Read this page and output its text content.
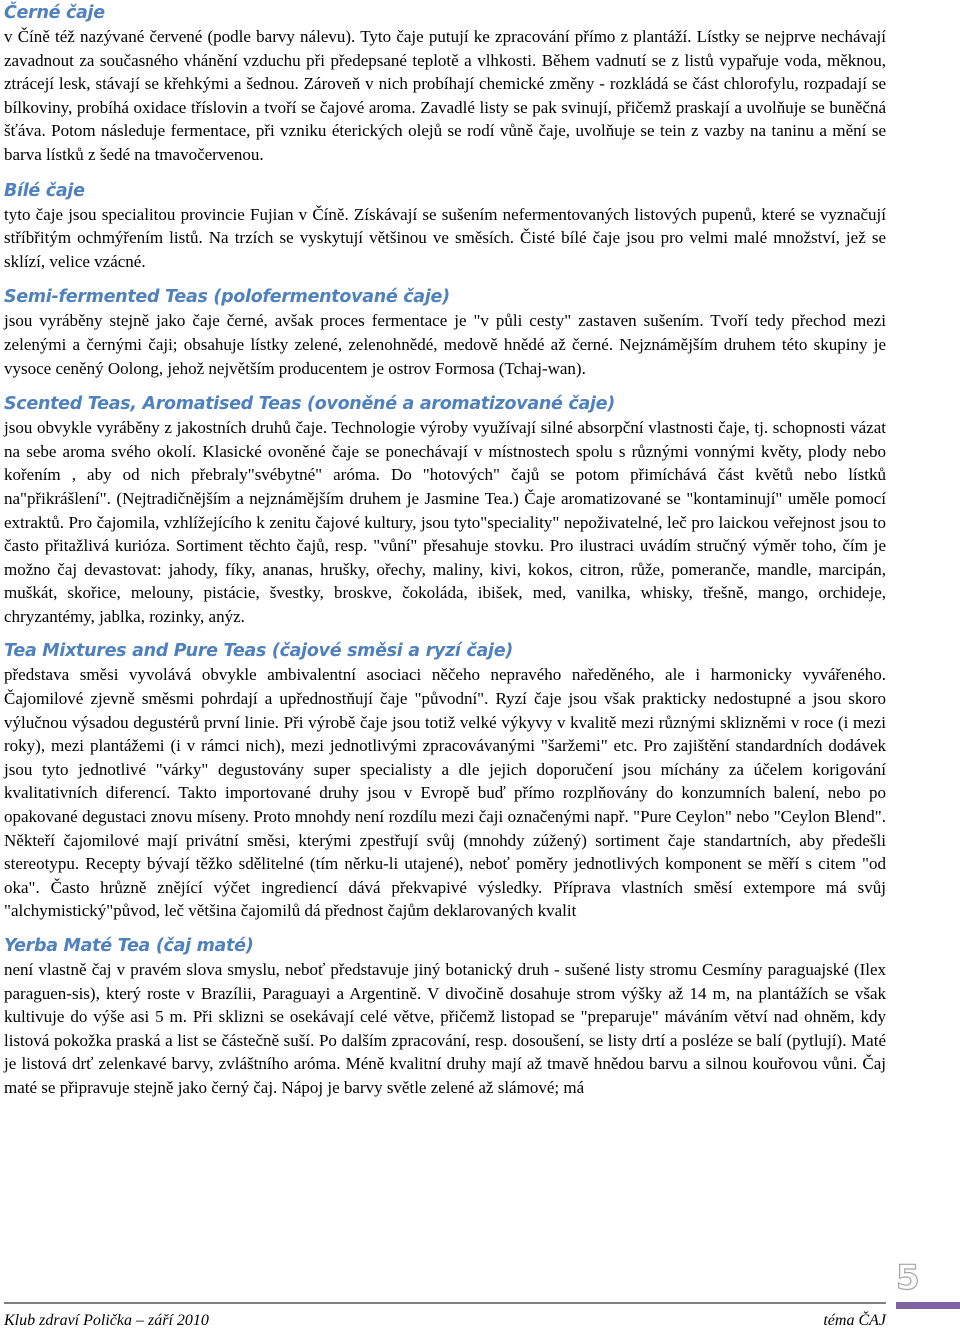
Černé čaje

v Číně též nazývané červené (podle barvy nálevu). Tyto čaje putují ke zpracování přímo z plantáží. Lístky se nejprve nechávají zavadnout za současného vhánění vzduchu při předepsané teplotě a vlhkosti. Během vadnutí se z listů vypařuje voda, měknou, ztrácejí lesk, stávají se křehkými a šednou. Zároveň v nich probíhají chemické změny - rozkládá se část chlorofylu, rozpadají se bílkoviny, probíhá oxidace tříslovin a tvoří se čajové aroma. Zavadlé listy se pak svinují, přičemž praskají a uvolňuje se buněčná šťáva. Potom následuje fermentace, při vzniku éterických olejů se rodí vůně čaje, uvolňuje se tein z vazby na taninu a mění se barva lístků z šedé na tmavočervenou.

Bílé čaje

tyto čaje jsou specialitou provincie Fujian v Číně. Získávají se sušením nefermentovaných listových pupenů, které se vyznačují stříbřitým ochmýřením listů. Na trzích se vyskytují většinou ve směsích. Čisté bílé čaje jsou pro velmi malé množství, jež se sklízí, velice vzácné.

Semi-fermented Teas (polofermentované čaje)

jsou vyráběny stejně jako čaje černé, avšak proces fermentace je "v půli cesty" zastaven sušením. Tvoří tedy přechod mezi zelenými a černými čaji; obsahuje lístky zelené, zelenohnědé, medově hnědé až černé. Nejznámějším druhem této skupiny je vysoce ceněný Oolong, jehož největším producentem je ostrov Formosa (Tchaj-wan).

Scented Teas, Aromatised Teas (ovoněné a aromatizované čaje)

jsou obvykle vyráběny z jakostních druhů čaje. Technologie výroby využívají silné absorpční vlastnosti čaje, tj. schopnosti vázat na sebe aroma svého okolí. Klasické ovoněné čaje se ponechávají v místnostech spolu s různými vonnými květy, plody nebo kořením , aby od nich přebraly"svébytné" aróma. Do "hotových" čajů se potom přimíchává část květů nebo lístků na"přikrášlení". (Nejtradičnějším a nejznámějším druhem je Jasmine Tea.) Čaje aromatizované se "kontaminují" uměle pomocí extraktů. Pro čajomila, vzhlížejícího k zenitu čajové kultury, jsou tyto"speciality" nepoživatelné, leč pro laickou veřejnost jsou to často přitažlivá kurióza. Sortiment těchto čajů, resp. "vůní" přesahuje stovku. Pro ilustraci uvádím stručný výměr toho, čím je možno čaj devastovat: jahody, fíky, ananas, hrušky, ořechy, maliny, kivi, kokos, citron, růže, pomeranče, mandle, marcipán, muškát, skořice, melouny, pistácie, švestky, broskve, čokoláda, ibišek, med, vanilka, whisky, třešně, mango, orchideje, chryzantémy, jablka, rozinky, anýz.

Tea Mixtures and Pure Teas (čajové směsi a ryzí čaje)

představa směsi vyvolává obvykle ambivalentní asociaci něčeho nepravého naředěného, ale i harmonicky vyvářeného. Čajomilové zjevně směsmi pohrdají a upřednostňují čaje "původní". Ryzí čaje jsou však prakticky nedostupné a jsou skoro výlučnou výsadou degustérů první linie. Při výrobě čaje jsou totiž velké výkyvy v kvalitě mezi různými sklizněmi v roce (i mezi roky), mezi plantážemi (i v rámci nich), mezi jednotlivými zpracovávanými "šaržemi" etc. Pro zajištění standardních dodávek jsou tyto jednotlivé "várky" degustovány super specialisty a dle jejich doporučení jsou míchány za účelem korigování kvalitativních diferencí. Takto importované druhy jsou v Evropě buď přímo rozplňovány do konzumních balení, nebo po opakované degustaci znovu míseny. Proto mnohdy není rozdílu mezi čaji označenými např. "Pure Ceylon" nebo "Ceylon Blend". Někteří čajomilové mají privátní směsi, kterými zpestřují svůj (mnohdy zúžený) sortiment čaje standartních, aby předešli stereotypu. Recepty bývají těžko sdělitelné (tím něrku-li utajené), neboť poměry jednotlivých komponent se měří s citem "od oka". Často hrůzně znějící výčet ingrediencí dává překvapivé výsledky. Příprava vlastních směsí extempore má svůj "alchymistický"původ, leč většina čajomilů dá přednost čajům deklarovaných kvalit

Yerba Maté Tea (čaj maté)

není vlastně čaj v pravém slova smyslu, neboť představuje jiný botanický druh - sušené listy stromu Cesmíny paraguajské (Ilex paraguen-sis), který roste v Brazílii, Paraguayi a Argentině. V divočině dosahuje strom výšky až 14 m, na plantážích se však kultivuje do výše asi 5 m. Při sklizni se osekávají celé větve, přičemž listopad se "preparuje" máváním větví nad ohněm, kdy listová pokožka praská a list se částečně suší. Po dalším zpracování, resp. dosoušení, se listy drtí a posléze se balí (pytlují). Maté je listová drť zelenkavé barvy, zvláštního aróma. Méně kvalitní druhy mají až tmavě hnědou barvu a silnou kouřovou vůni. Čaj maté se připravuje stejně jako černý čaj. Nápoj je barvy světle zelené až slámové; má

5
Klub zdraví Polička – září 2010	téma ČAJ
